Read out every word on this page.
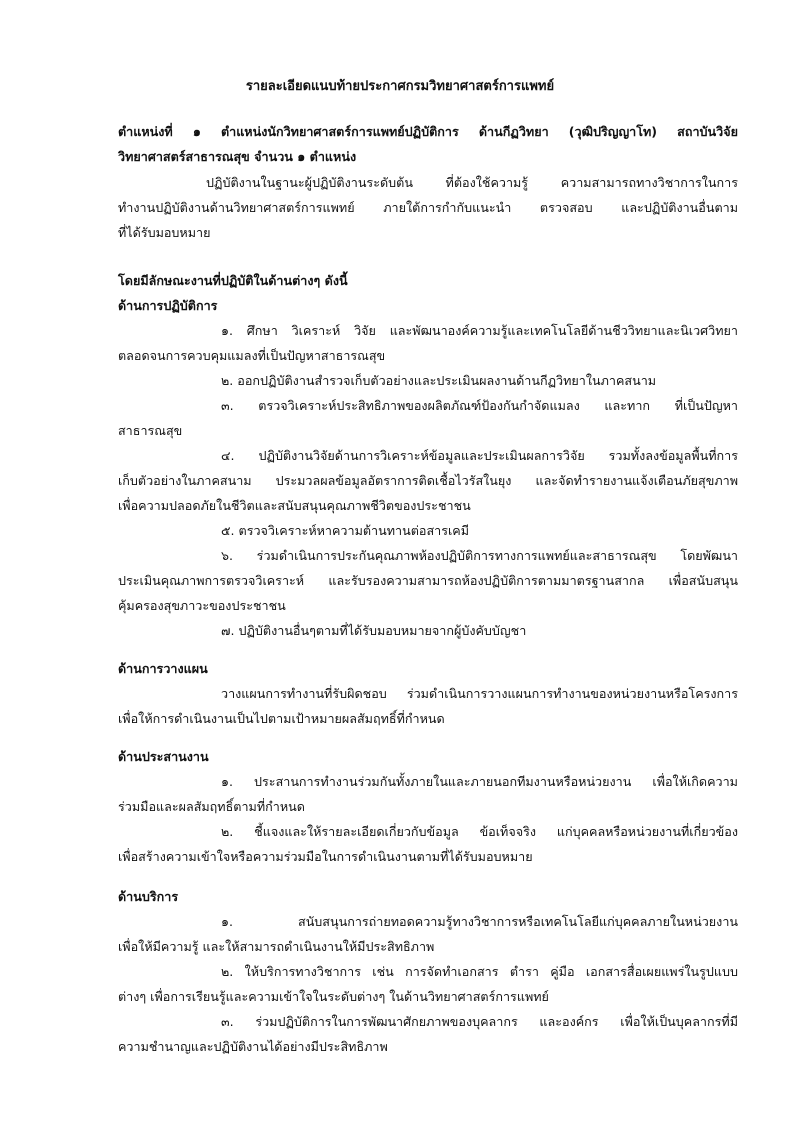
รายละเอียดแนบท้ายประกาศกรมวิทยาศาสตร์การแพทย์
ตำแหน่งที่ ๑ ตำแหน่งนักวิทยาศาสตร์การแพทย์ปฏิบัติการ ด้านกีฏวิทยา (วุฒิปริญญาโท) สถาบันวิจัย
วิทยาศาสตร์สาธารณสุข จำนวน ๑ ตำแหน่ง
ปฏิบัติงานในฐานะผู้ปฏิบัติงานระดับต้น ที่ต้องใช้ความรู้ ความสามารถทางวิชาการในการ
ทำงานปฏิบัติงานด้านวิทยาศาสตร์การแพทย์ ภายใต้การกำกับแนะนำ ตรวจสอบ และปฏิบัติงานอื่นตาม
ที่ได้รับมอบหมาย
โดยมีลักษณะงานที่ปฏิบัติในด้านต่างๆ ดังนี้
ด้านการปฏิบัติการ
๑. ศึกษา วิเคราะห์ วิจัย และพัฒนาองค์ความรู้และเทคโนโลยีด้านชีววิทยาและนิเวศวิทยา
ตลอดจนการควบคุมแมลงที่เป็นปัญหาสาธารณสุข
๒. ออกปฏิบัติงานสำรวจเก็บตัวอย่างและประเมินผลงานด้านกีฏวิทยาในภาคสนาม
๓. ตรวจวิเคราะห์ประสิทธิภาพของผลิตภัณฑ์ป้องกันกำจัดแมลง และทาก ที่เป็นปัญหา
สาธารณสุข
๔. ปฏิบัติงานวิจัยด้านการวิเคราะห์ข้อมูลและประเมินผลการวิจัย รวมทั้งลงข้อมูลพื้นที่การ
เก็บตัวอย่างในภาคสนาม ประมวลผลข้อมูลอัตราการติดเชื้อไวรัสในยุง และจัดทำรายงานแจ้งเตือนภัยสุขภาพ
เพื่อความปลอดภัยในชีวิตและสนับสนุนคุณภาพชีวิตของประชาชน
๕. ตรวจวิเคราะห์หาความต้านทานต่อสารเคมี
๖. ร่วมดำเนินการประกันคุณภาพห้องปฏิบัติการทางการแพทย์และสาธารณสุข โดยพัฒนา
ประเมินคุณภาพการตรวจวิเคราะห์ และรับรองความสามารถห้องปฏิบัติการตามมาตรฐานสากล เพื่อสนับสนุน
คุ้มครองสุขภาวะของประชาชน
๗. ปฏิบัติงานอื่นๆตามที่ได้รับมอบหมายจากผู้บังคับบัญชา
ด้านการวางแผน
วางแผนการทำงานที่รับผิดชอบ ร่วมดำเนินการวางแผนการทำงานของหน่วยงานหรือโครงการ
เพื่อให้การดำเนินงานเป็นไปตามเป้าหมายผลสัมฤทธิ์ที่กำหนด
ด้านประสานงาน
๑. ประสานการทำงานร่วมกันทั้งภายในและภายนอกทีมงานหรือหน่วยงาน เพื่อให้เกิดความ
ร่วมมือและผลสัมฤทธิ์ตามที่กำหนด
๒. ชี้แจงและให้รายละเอียดเกี่ยวกับข้อมูล ข้อเท็จจริง แก่บุคคลหรือหน่วยงานที่เกี่ยวข้อง
เพื่อสร้างความเข้าใจหรือความร่วมมือในการดำเนินงานตามที่ได้รับมอบหมาย
ด้านบริการ
๑. สนับสนุนการถ่ายทอดความรู้ทางวิชาการหรือเทคโนโลยีแก่บุคคลภายในหน่วยงาน
เพื่อให้มีความรู้ และให้สามารถดำเนินงานให้มีประสิทธิภาพ
๒. ให้บริการทางวิชาการ เช่น การจัดทำเอกสาร ตำรา คู่มือ เอกสารสื่อเผยแพร่ในรูปแบบ
ต่างๆ เพื่อการเรียนรู้และความเข้าใจในระดับต่างๆ ในด้านวิทยาศาสตร์การแพทย์
๓. ร่วมปฏิบัติการในการพัฒนาศักยภาพของบุคลากร และองค์กร เพื่อให้เป็นบุคลากรที่มี
ความชำนาญและปฏิบัติงานได้อย่างมีประสิทธิภาพ
